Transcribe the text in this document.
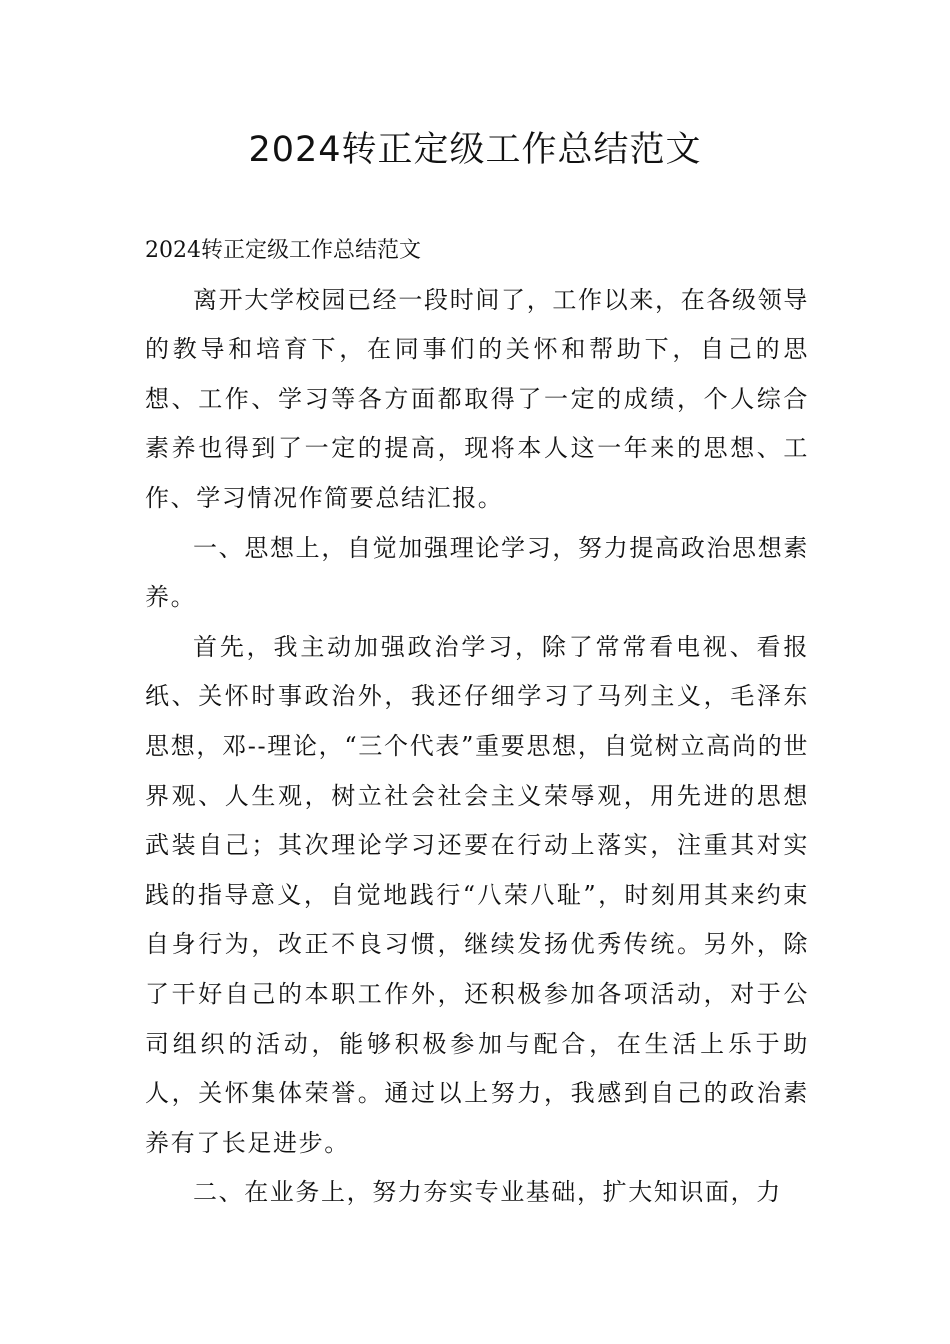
2024转正定级工作总结范文

2024转正定级工作总结范文

离开大学校园已经一段时间了，工作以来，在各级领导的教导和培育下，在同事们的关怀和帮助下，自己的思想、工作、学习等各方面都取得了一定的成绩，个人综合素养也得到了一定的提高，现将本人这一年来的思想、工作、学习情况作简要总结汇报。

一、思想上，自觉加强理论学习，努力提高政治思想素养。

首先，我主动加强政治学习，除了常常看电视、看报纸、关怀时事政治外，我还仔细学习了马列主义，毛泽东思想，邓--理论，“三个代表”重要思想，自觉树立高尚的世界观、人生观，树立社会社会主义荣辱观，用先进的思想武装自己；其次理论学习还要在行动上落实，注重其对实践的指导意义，自觉地践行“八荣八耻”，时刻用其来约束自身行为，改正不良习惯，继续发扬优秀传统。另外，除了干好自己的本职工作外，还积极参加各项活动，对于公司组织的活动，能够积极参加与配合，在生活上乐于助人，关怀集体荣誉。通过以上努力，我感到自己的政治素养有了长足进步。

二、在业务上，努力夯实专业基础，扩大知识面，力
